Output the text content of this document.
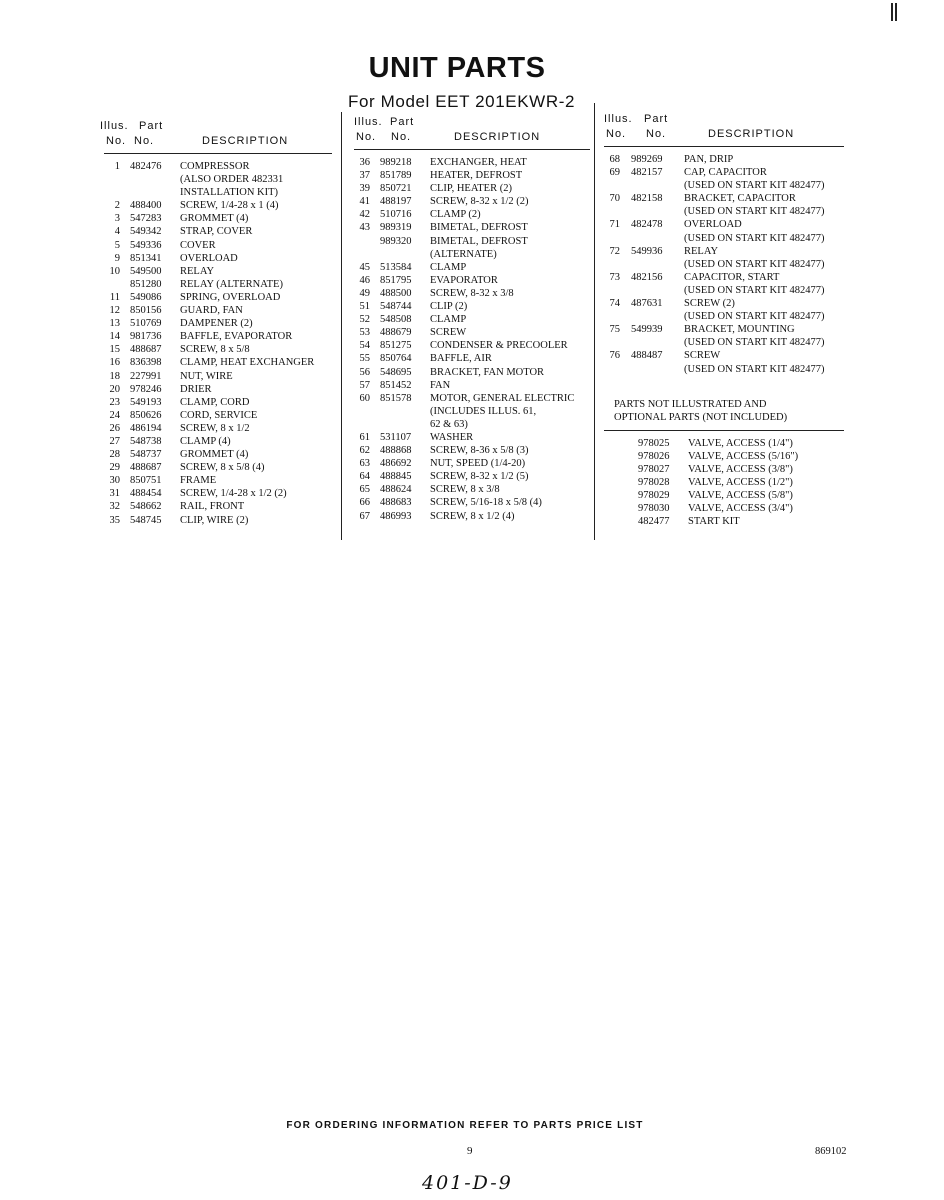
UNIT PARTS
For Model EET 201EKWR-2
Illus. Part
No. No.	DESCRIPTION
1 482476 COMPRESSOR
(ALSO ORDER 482331
INSTALLATION KIT)
2 488400 SCREW, 1/4-28 x 1 (4)
3 547283 GROMMET (4)
4 549342 STRAP, COVER
5 549336 COVER
9 851341 OVERLOAD
10 549500 RELAY
851280 RELAY (ALTERNATE)
11 549086 SPRING, OVERLOAD
12 850156 GUARD, FAN
13 510769 DAMPENER (2)
14 981736 BAFFLE, EVAPORATOR
15 488687 SCREW, 8 x 5/8
16 836398 CLAMP, HEAT EXCHANGER
18 227991 NUT, WIRE
20 978246 DRIER
23 549193 CLAMP, CORD
24 850626 CORD, SERVICE
26 486194 SCREW, 8 x 1/2
27 548738 CLAMP (4)
28 548737 GROMMET (4)
29 488687 SCREW, 8 x 5/8 (4)
30 850751 FRAME
31 488454 SCREW, 1/4-28 x 1/2 (2)
32 548662 RAIL, FRONT
35 548745 CLIP, WIRE (2)
Illus. Part
No. No.	DESCRIPTION
36 989218 EXCHANGER, HEAT
37 851789 HEATER, DEFROST
39 850721 CLIP, HEATER (2)
41 488197 SCREW, 8-32 x 1/2 (2)
42 510716 CLAMP (2)
43 989319 BIMETAL, DEFROST
989320 BIMETAL, DEFROST
(ALTERNATE)
45 513584 CLAMP
46 851795 EVAPORATOR
49 488500 SCREW, 8-32 x 3/8
51 548744 CLIP (2)
52 548508 CLAMP
53 488679 SCREW
54 851275 CONDENSER & PRECOOLER
55 850764 BAFFLE, AIR
56 548695 BRACKET, FAN MOTOR
57 851452 FAN
60 851578 MOTOR, GENERAL ELECTRIC
(INCLUDES ILLUS. 61,
62 & 63)
61 531107 WASHER
62 488868 SCREW, 8-36 x 5/8 (3)
63 486692 NUT, SPEED (1/4-20)
64 488845 SCREW, 8-32 x 1/2 (5)
65 488624 SCREW, 8 x 3/8
66 488683 SCREW, 5/16-18 x 5/8 (4)
67 486993 SCREW, 8 x 1/2 (4)
Illus. Part
No. No.	DESCRIPTION
68 989269 PAN, DRIP
69 482157 CAP, CAPACITOR
(USED ON START KIT 482477)
70 482158 BRACKET, CAPACITOR
(USED ON START KIT 482477)
71 482478 OVERLOAD
(USED ON START KIT 482477)
72 549936 RELAY
(USED ON START KIT 482477)
73 482156 CAPACITOR, START
(USED ON START KIT 482477)
74 487631 SCREW (2)
(USED ON START KIT 482477)
75 549939 BRACKET, MOUNTING
(USED ON START KIT 482477)
76 488487 SCREW
(USED ON START KIT 482477)
PARTS NOT ILLUSTRATED AND
OPTIONAL PARTS (NOT INCLUDED)
978025 VALVE, ACCESS (1/4")
978026 VALVE, ACCESS (5/16")
978027 VALVE, ACCESS (3/8")
978028 VALVE, ACCESS (1/2")
978029 VALVE, ACCESS (5/8")
978030 VALVE, ACCESS (3/4")
482477 START KIT
FOR ORDERING INFORMATION REFER TO PARTS PRICE LIST
9	869102
401-D-9
